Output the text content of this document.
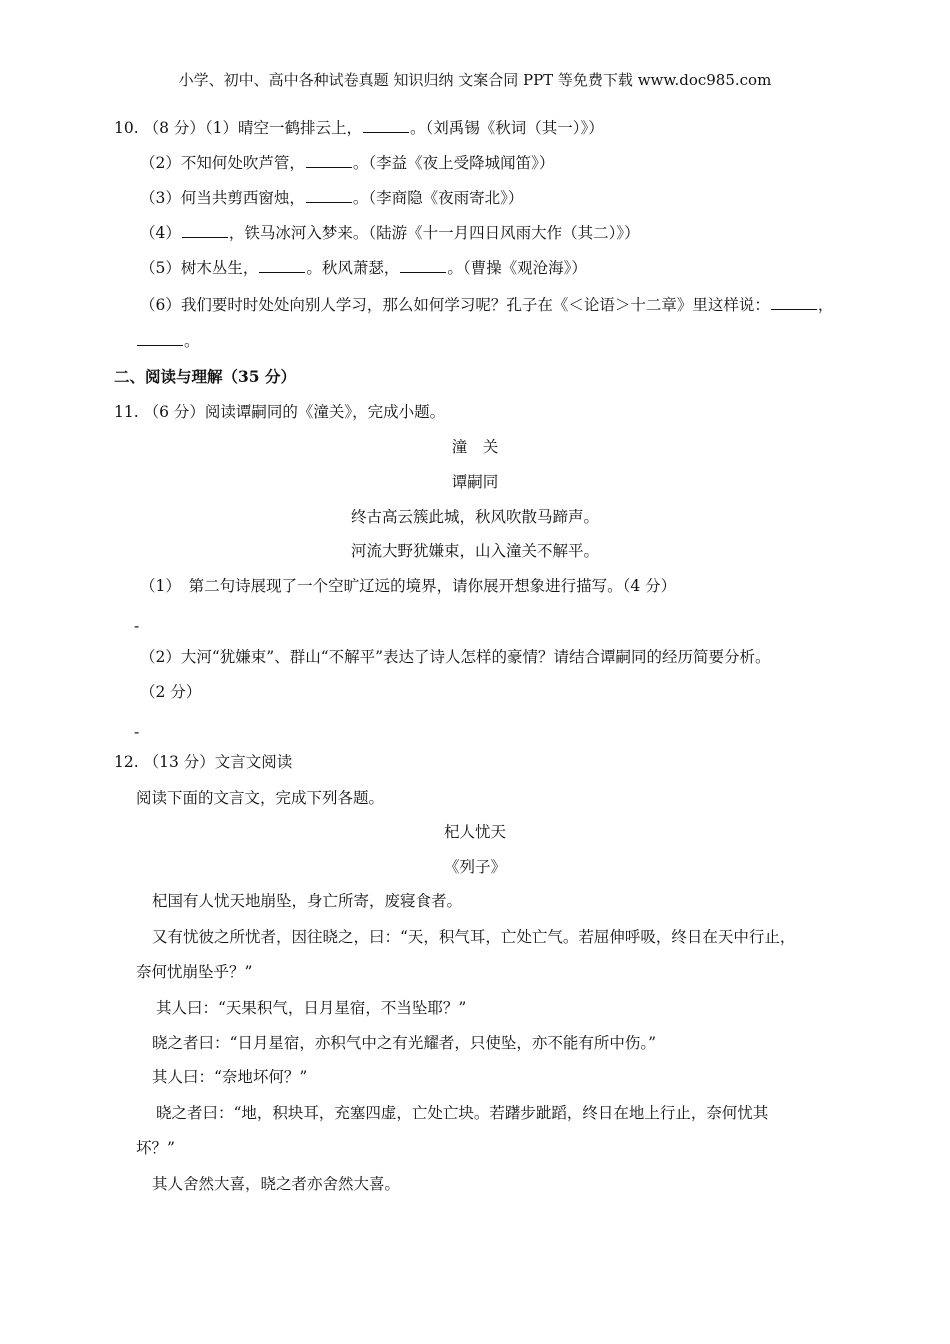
小学、初中、高中各种试卷真题 知识归纳 文案合同 PPT 等免费下载 www.doc985.com
10. （8 分）（1）晴空一鹤排云上，	。（刘禹锡《秋词（其一）》）
（2）不知何处吹芦管，	。（李益《夜上受降城闻笛》）
（3）何当共剪西窗烛，	。（李商隐《夜雨寄北》）
（4）	，铁马冰河入梦来。（陆游《十一月四日风雨大作（其二）》）
（5）树木丛生，	。秋风萧瑟，	。（曹操《观沧海》）
（6）我们要时时处处向别人学习，那么如何学习呢？孔子在《＜论语＞十二章》里这样说：	，
。
二、阅读与理解（35 分）
11. （6 分）阅读谭嗣同的《潼关》，完成小题。
潼　关
谭嗣同
终古高云簇此城，秋风吹散马蹄声。
河流大野犹嫌束，山入潼关不解平。
（1）　第二句诗展现了一个空旷辽远的境界，请你展开想象进行描写。（4 分）
-
（2）大河“犹嫌束”、群山“不解平”表达了诗人怎样的豪情？请结合谭嗣同的经历简要分析。
（2 分）
-
12. （13 分）文言文阅读
阅读下面的文言文，完成下列各题。
杞人忧天
《列子》
杞国有人忧天地崩坠，身亡所寄，废寝食者。
又有忧彼之所忧者，因往晓之，曰：“天，积气耳，亡处亡气。若屈伸呼吸，终日在天中行止，
奈何忧崩坠乎？”
其人曰：“天果积气，日月星宿，不当坠耶？”
晓之者曰：“日月星宿，亦积气中之有光耀者，只使坠，亦不能有所中伤。”
其人曰：“奈地坏何？”
晓之者曰：“地，积块耳，充塞四虚，亡处亡块。若躇步跐蹈，终日在地上行止，奈何忧其
坏？”
其人舍然大喜，晓之者亦舍然大喜。
